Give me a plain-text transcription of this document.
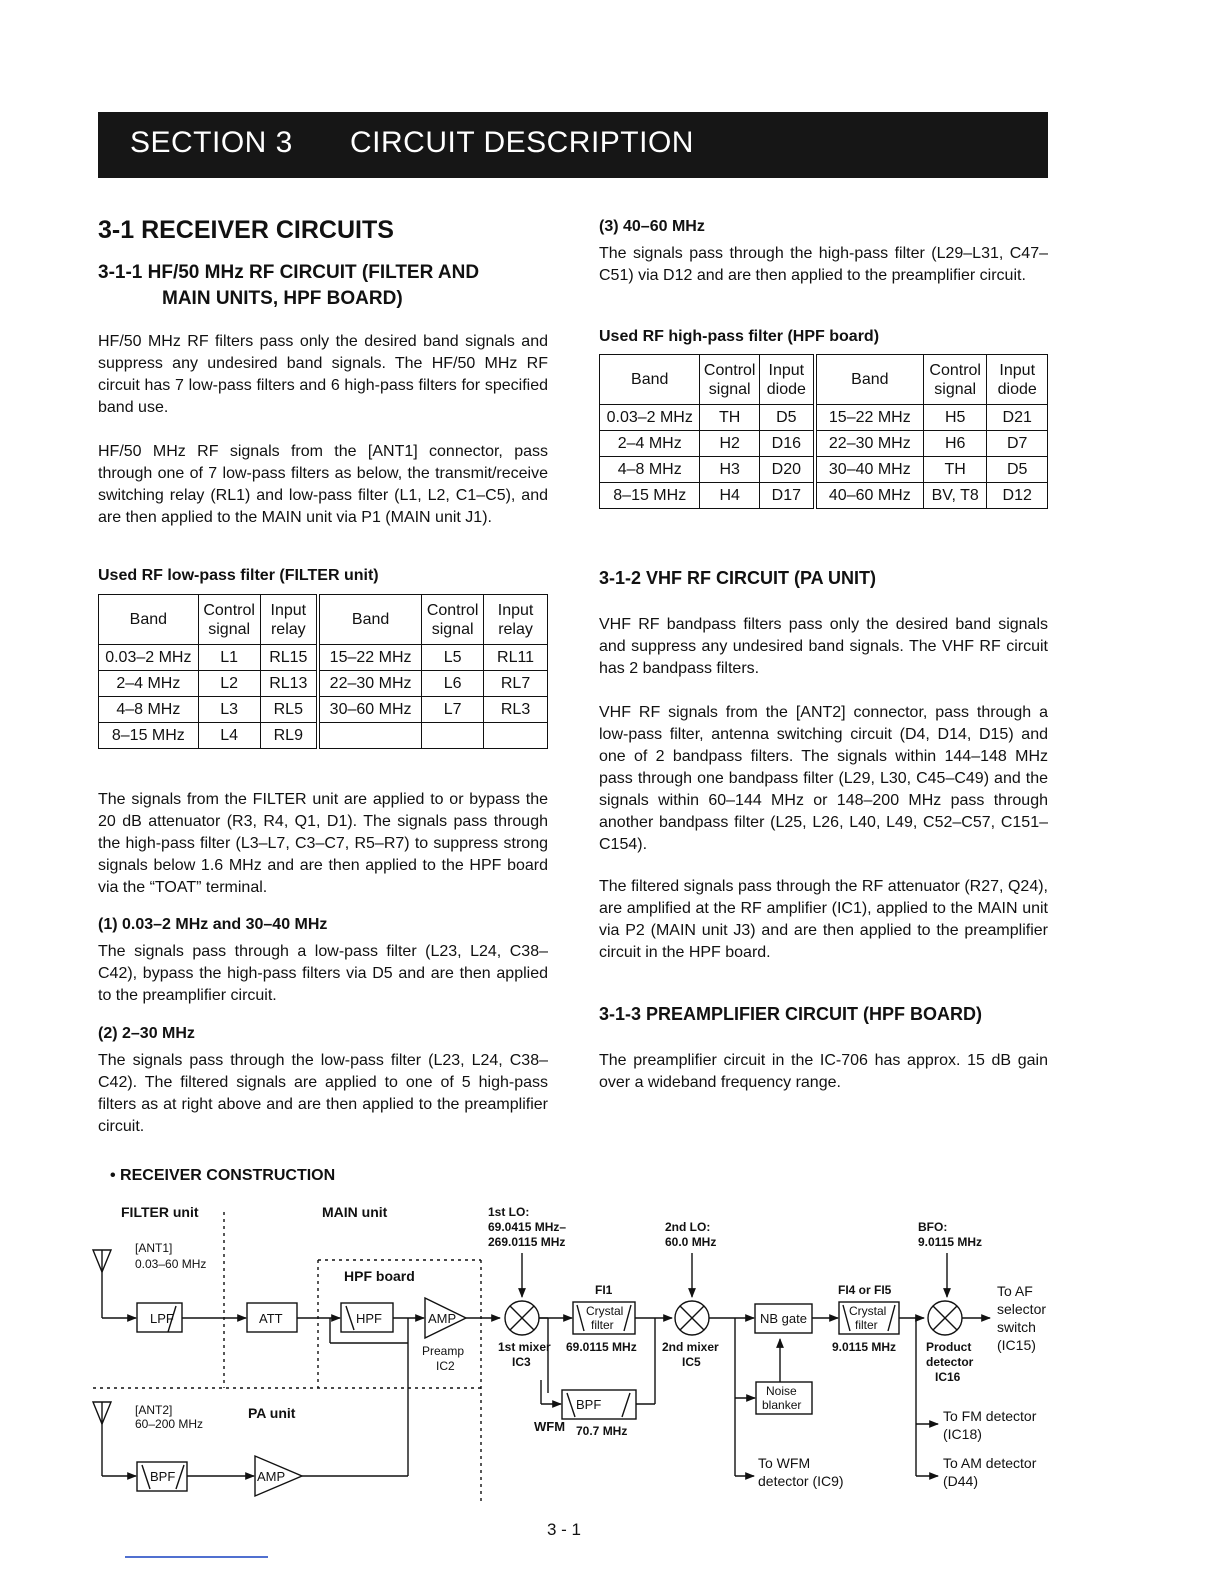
SECTION 3 CIRCUIT DESCRIPTION
3-1 RECEIVER CIRCUITS
3-1-1 HF/50 MHz RF CIRCUIT (FILTER AND
MAIN UNITS, HPF BOARD)

HF/50 MHz RF filters pass only the desired band signals and suppress any undesired band signals. The HF/50 MHz RF circuit has 7 low-pass filters and 6 high-pass filters for specified band use.

HF/50 MHz RF signals from the [ANT1] connector, pass through one of 7 low-pass filters as below, the transmit/receive switching relay (RL1) and low-pass filter (L1, L2, C1–C5), and are then applied to the MAIN unit via P1 (MAIN unit J1).

Used RF low-pass filter (FILTER unit)
Band	Control signal	Input relay	Band	Control signal	Input relay
0.03–2 MHz	L1	RL15	15–22 MHz	L5	RL11
2–4 MHz	L2	RL13	22–30 MHz	L6	RL7
4–8 MHz	L3	RL5	30–60 MHz	L7	RL3
8–15 MHz	L4	RL9			

The signals from the FILTER unit are applied to or bypass the 20 dB attenuator (R3, R4, Q1, D1). The signals pass through the high-pass filter (L3–L7, C3–C7, R5–R7) to suppress strong signals below 1.6 MHz and are then applied to the HPF board via the “TOAT” terminal.

(1) 0.03–2 MHz and 30–40 MHz

The signals pass through a low-pass filter (L23, L24, C38–C42), bypass the high-pass filters via D5 and are then applied to the preamplifier circuit.

(2) 2–30 MHz

The signals pass through the low-pass filter (L23, L24, C38–C42). The filtered signals are applied to one of 5 high-pass filters as at right above and are then applied to the preamplifier circuit.

(3) 40–60 MHz

The signals pass through the high-pass filter (L29–L31, C47–C51) via D12 and are then applied to the preamplifier circuit.

Used RF high-pass filter (HPF board)
Band	Control signal	Input diode	Band	Control signal	Input diode
0.03–2 MHz	TH	D5	15–22 MHz	H5	D21
2–4 MHz	H2	D16	22–30 MHz	H6	D7
4–8 MHz	H3	D20	30–40 MHz	TH	D5
8–15 MHz	H4	D17	40–60 MHz	BV, T8	D12
3-1-2 VHF RF CIRCUIT (PA UNIT)

VHF RF bandpass filters pass only the desired band signals and suppress any undesired band signals. The VHF RF circuit has 2 bandpass filters.

VHF RF signals from the [ANT2] connector, pass through a low-pass filter, antenna switching circuit (D4, D14, D15) and one of 2 bandpass filters. The signals within 144–148 MHz pass through one bandpass filter (L29, L30, C45–C49) and the signals within 60–144 MHz or 148–200 MHz pass through another bandpass filter (L25, L26, L40, L49, C52–C57, C151–C154).

The filtered signals pass through the RF attenuator (R27, Q24), are amplified at the RF amplifier (IC1), applied to the MAIN unit via P2 (MAIN unit J3) and are then applied to the preamplifier circuit in the HPF board.

3-1-3 PREAMPLIFIER CIRCUIT (HPF BOARD)

The preamplifier circuit in the IC-706 has approx. 15 dB gain over a wideband frequency range.

• RECEIVER CONSTRUCTION
FILTER unit	MAIN unit
HPF board
PA unit
[ANT1]
0.03–60 MHz
[ANT2]
60–200 MHz
LPF	ATT	HPF	AMP
Preamp
IC2
BPF	AMP
1st LO:
69.0415 MHz–
269.0115 MHz
2nd LO:
60.0 MHz
BFO:
9.0115 MHz
FI1
Crystal
filter
1st mixer
IC3
69.0115 MHz 2nd mixer
IC5
NB gate
Noise
blanker
FI4 or FI5
Crystal
filter
9.0115 MHz Product
detector
IC16
To AF
selector
switch
(IC15)
WFM 70.7 MHz
BPF
To WFM
detector (IC9)
To FM detector
(IC18)
To AM detector
(D44)
3 - 1
